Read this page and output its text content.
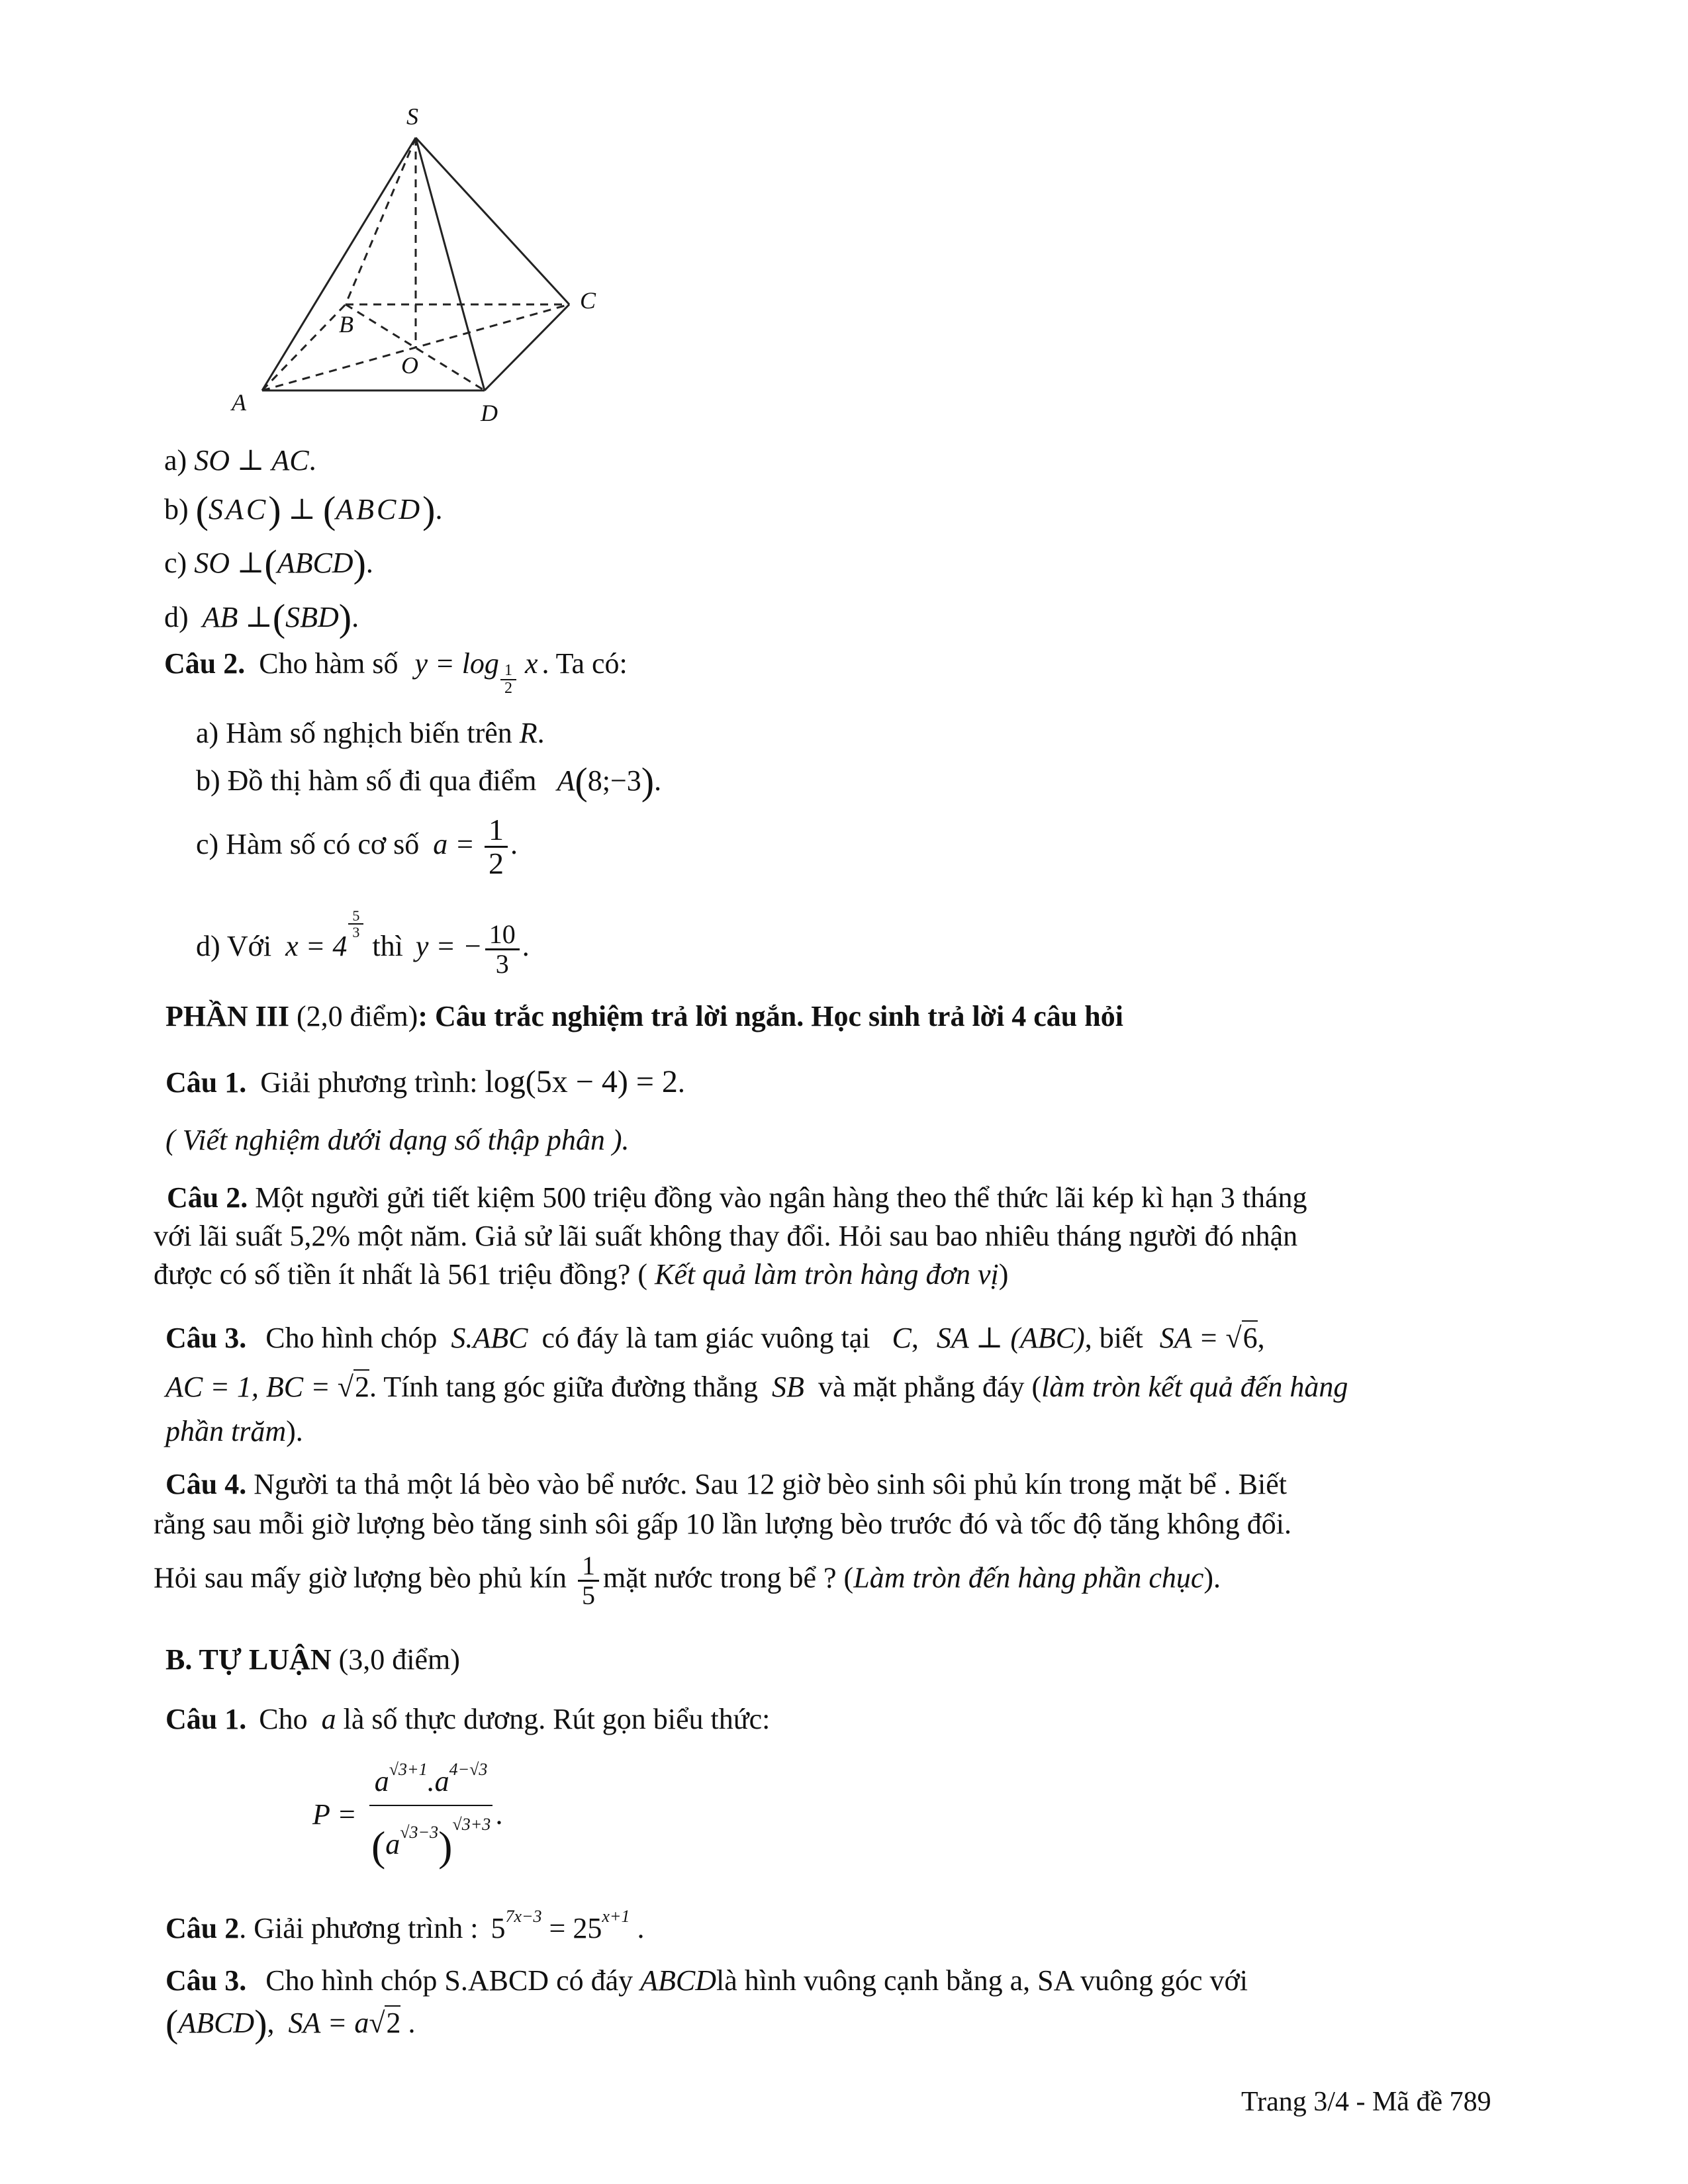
S
C
B
O
A	D
a) SO ⊥ AC.
b) (SAC) ⊥ (ABCD).
c) SO ⊥(ABCD).
d) AB ⊥(SBD).
Câu 2. Cho hàm số $y = \log \frac{1}{2}$ x . Ta có:
a) Hàm số nghịch biến trên R.
b) Đồ thị hàm số đi qua điểm A(8;−3).
c) Hàm số có cơ số $a = \frac{1}{2}$ .
d) Với x = 4
$\frac{5}{3}$
thì y = − $\frac{10}{3}$ .
PHẦN III (2,0 điểm): Câu trắc nghiệm trả lời ngắn. Học sinh trả lời 4 câu hỏi
Câu 1. Giải phương trình: log(5x − 4) = 2.
( Viết nghiệm dưới dạng số thập phân ).
Câu 2. Một người gửi tiết kiệm 500 triệu đồng vào ngân hàng theo thể thức lãi kép kì hạn 3 tháng
với lãi suất 5,2% một năm. Giả sử lãi suất không thay đổi. Hỏi sau bao nhiêu tháng người đó nhận
được có số tiền ít nhất là 561 triệu đồng? ( Kết quả làm tròn hàng đơn vị)
Câu 3. Cho hình chóp S.ABC có đáy là tam giác vuông tại C, SA ⊥ (ABC), biết SA = √6,
AC = 1, BC = √2. Tính tang góc giữa đường thẳng SB và mặt phẳng đáy (làm tròn kết quả đến hàng
phần trăm).
Câu 4. Người ta thả một lá bèo vào bể nước. Sau 12 giờ bèo sinh sôi phủ kín trong mặt bể . Biết
rằng sau mỗi giờ lượng bèo tăng sinh sôi gấp 10 lần lượng bèo trước đó và tốc độ tăng không đổi.
Hỏi sau mấy giờ lượng bèo phủ kín $\frac{1}{5}$ mặt nước trong bể ? (Làm tròn đến hàng phần chục).
B. TỰ LUẬN (3,0 điểm)
Câu 1. Cho a là số thực dương. Rút gọn biểu thức:
$P = \frac{a^{√3+1}.a^{4-√3}}{(a^{√3-3})^{√3+3}}$ .
Câu 2. Giải phương trình : $5^{7x-3} = 25^{x+1}$ .
Câu 3. Cho hình chóp S.ABCD có đáy ABCDlà hình vuông cạnh bằng a, SA vuông góc với
(ABCD), SA = a√2 .
Trang 3/4 - Mã đề 789
